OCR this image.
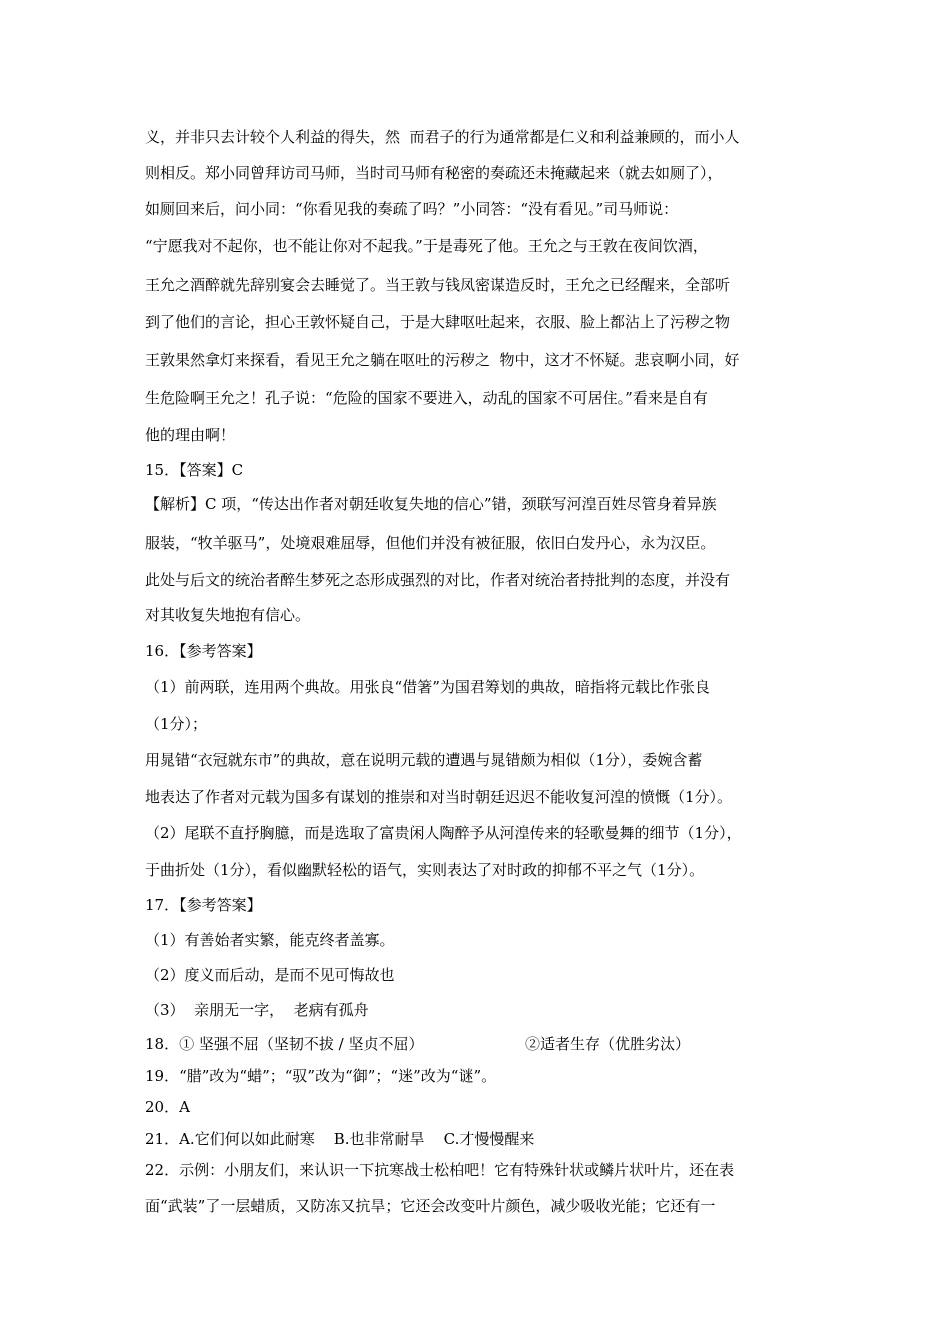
义，并非只去计较个人利益的得失，然  而君子的行为通常都是仁义和利益兼顾的，而小人
则相反。郑小同曾拜访司马师，当时司马师有秘密的奏疏还未掩藏起来（就去如厕了），
如厕回来后，问小同：“你看见我的奏疏了吗？”小同答：“没有看见。”司马师说：
“宁愿我对不起你，也不能让你对不起我。”于是毒死了他。王允之与王敦在夜间饮酒，
王允之酒醉就先辞别宴会去睡觉了。当王敦与钱凤密谋造反时，王允之已经醒来，全部听
到了他们的言论，担心王敦怀疑自己，于是大肆呕吐起来，衣服、脸上都沾上了污秽之物
王敦果然拿灯来探看，看见王允之躺在呕吐的污秽之  物中，这才不怀疑。悲哀啊小同，好
生危险啊王允之！孔子说：“危险的国家不要进入，动乱的国家不可居住。”看来是自有
他的理由啊！
15．【答案】C
【解析】C 项，“传达出作者对朝廷收复失地的信心”错，颈联写河湟百姓尽管身着异族
服装，“牧羊驱马”，处境艰难屈辱，但他们并没有被征服，依旧白发丹心，永为汉臣。
此处与后文的统治者醉生梦死之态形成强烈的对比，作者对统治者持批判的态度，并没有
对其收复失地抱有信心。
16．【参考答案】
（1）前两联，连用两个典故。用张良“借箸”为国君筹划的典故，暗指将元载比作张良
（1分）；
用晁错“衣冠就东市”的典故，意在说明元载的遭遇与晁错颇为相似（1分），委婉含蓄
地表达了作者对元载为国多有谋划的推崇和对当时朝廷迟迟不能收复河湟的愤慨（1分）。
（2）尾联不直抒胸臆，而是选取了富贵闲人陶醉予从河湟传来的轻歌曼舞的细节（1分），
于曲折处（1分），看似幽默轻松的语气，实则表达了对时政的抑郁不平之气（1分）。
17．【参考答案】
（1）有善始者实繁，能克终者盖寡。
（2）度义而后动，是而不见可悔故也
（3）  亲朋无一字，  老病有孤舟
18．① 坚强不屈（坚韧不拔 / 坚贞不屈）	②适者生存（优胜劣汰）
19．“腊”改为“蜡”；“驭”改为“御”；“迷”改为“谜”。
20．A
21．A.它们何以如此耐寒    B.也非常耐旱    C.才慢慢醒来
22．示例：小朋友们，来认识一下抗寒战士松柏吧！它有特殊针状或鳞片状叶片，还在表
面“武装”了一层蜡质，又防冻又抗旱；它还会改变叶片颜色，减少吸收光能；它还有一
